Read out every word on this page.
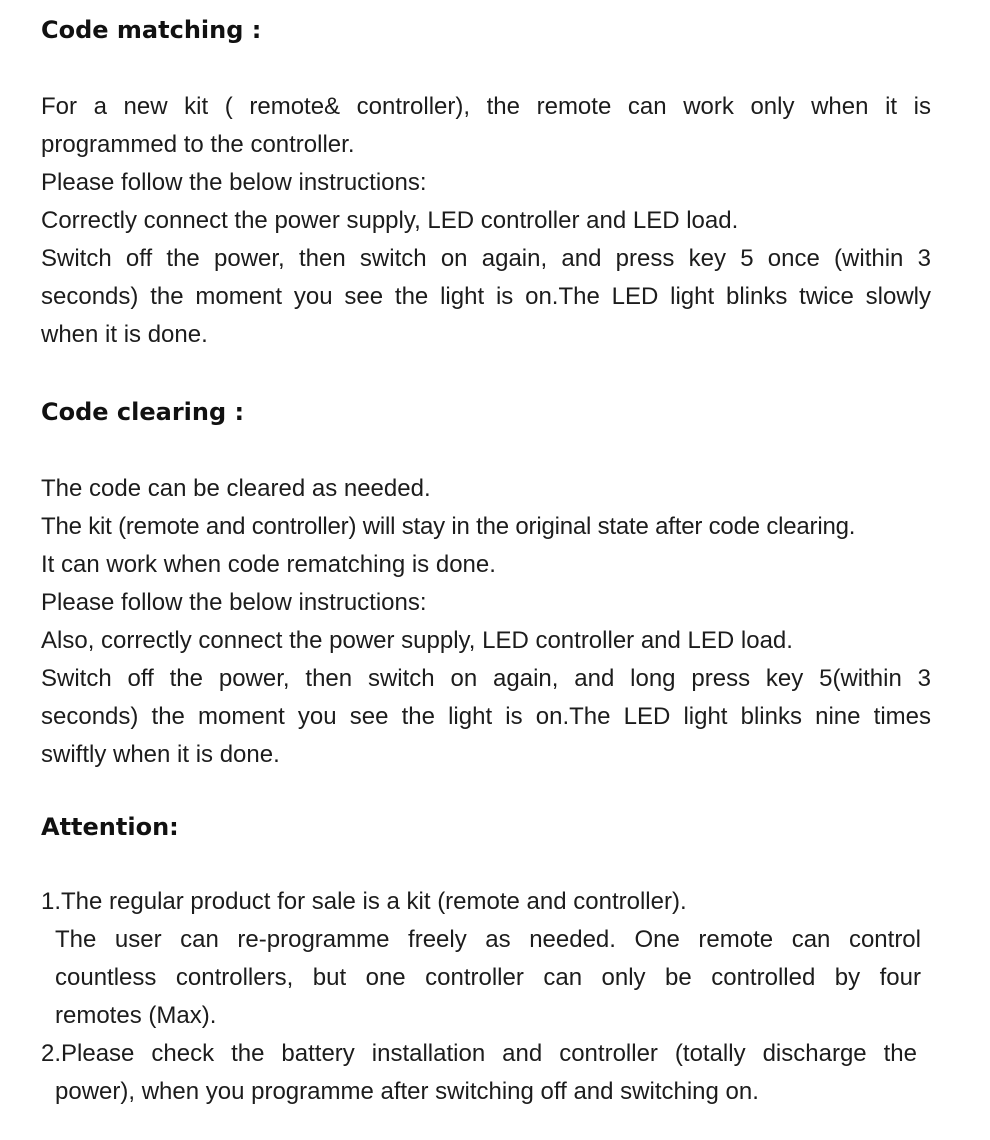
Code matching :
For a new kit ( remote& controller), the remote can work only when it is
programmed to the controller.
Please follow the below instructions:
Correctly connect the power supply, LED controller and LED load.
Switch off the power, then switch on again, and press key 5 once (within 3
seconds) the moment you see the light is on.The LED light blinks twice slowly
when it is done.
Code clearing :
The code can be cleared as needed.
The kit (remote and controller) will stay in the original state after code clearing.
It can work when code rematching is done.
Please follow the below instructions:
Also, correctly connect the power supply, LED controller and LED load.
Switch off the power, then switch on again, and long press key 5(within 3
seconds) the moment you see the light is on.The LED light blinks nine times
swiftly when it is done.
Attention:
1.The regular product for sale is a kit (remote and controller).
The user can re-programme freely as needed. One remote can control
countless controllers, but one controller can only be controlled by four
remotes (Max).
2.Please check the battery installation and controller (totally discharge the
power), when you programme after switching off and switching on.
